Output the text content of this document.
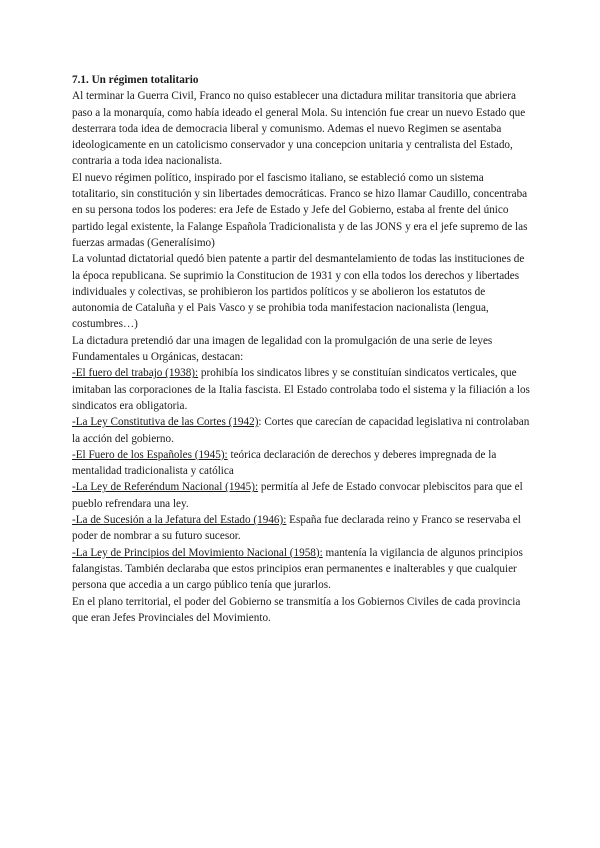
7.1. Un régimen totalitario

Al terminar la Guerra Civil, Franco no quiso establecer una dictadura militar transitoria que abriera paso a la monarquía, como había ideado el general Mola. Su intención fue crear un nuevo Estado que desterrara toda idea de democracia liberal y comunismo. Ademas el nuevo Regimen se asentaba ideologicamente en un catolicismo conservador y una concepcion unitaria y centralista del Estado, contraria a toda idea nacionalista.

El nuevo régimen político, inspirado por el fascismo italiano, se estableció como un sistema totalitario, sin constitución y sin libertades democráticas. Franco se hizo llamar Caudillo, concentraba en su persona todos los poderes: era Jefe de Estado y Jefe del Gobierno, estaba al frente del único partido legal existente, la Falange Española Tradicionalista y de las JONS y era el jefe supremo de las fuerzas armadas (Generalísimo)

La voluntad dictatorial quedó bien patente a partir del desmantelamiento de todas las instituciones de la época republicana. Se suprimio la Constitucion de 1931 y con ella todos los derechos y libertades individuales y colectivas, se prohibieron los partidos políticos y se abolieron los estatutos de autonomia de Cataluña y el Pais Vasco y se prohibia toda manifestacion nacionalista (lengua, costumbres…)

La dictadura pretendió dar una imagen de legalidad con la promulgación de una serie de leyes Fundamentales u Orgánicas, destacan:

-El fuero del trabajo (1938): prohibía los sindicatos libres y se constituían sindicatos verticales, que imitaban las corporaciones de la Italia fascista. El Estado controlaba todo el sistema y la filiación a los sindicatos era obligatoria.

-La Ley Constitutiva de las Cortes (1942): Cortes que carecían de capacidad legislativa ni controlaban la acción del gobierno.

-El Fuero de los Españoles (1945): teórica declaración de derechos y deberes impregnada de la mentalidad tradicionalista y católica

-La Ley de Referéndum Nacional (1945): permitía al Jefe de Estado convocar plebiscitos para que el pueblo refrendara una ley.

-La de Sucesión a la Jefatura del Estado (1946): España fue declarada reino y Franco se reservaba el poder de nombrar a su futuro sucesor.

-La Ley de Principios del Movimiento Nacional (1958): mantenía la vigilancia de algunos principios falangistas. También declaraba que estos principios eran permanentes e inalterables y que cualquier persona que accedia a un cargo público tenía que jurarlos.

En el plano territorial, el poder del Gobierno se transmitía a los Gobiernos Civiles de cada provincia que eran Jefes Provinciales del Movimiento.
